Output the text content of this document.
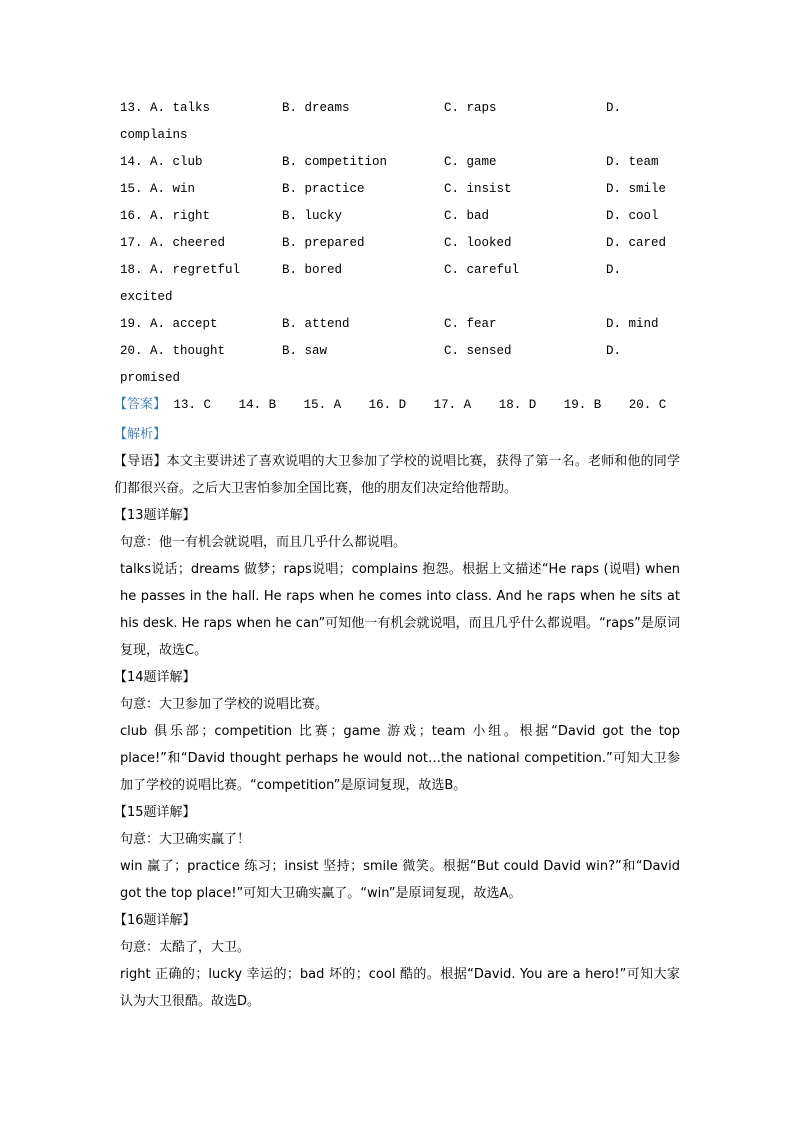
13. A. talks	B. dreams	C. raps	D.
complains
14. A. club	B. competition	C. game	D. team
15. A. win	B. practice	C. insist	D. smile
16. A. right	B. lucky	C. bad	D. cool
17. A. cheered	B. prepared	C. looked	D. cared
18. A. regretful	B. bored	C. careful	D.
excited
19. A. accept	B. attend	C. fear	D. mind
20. A. thought	B. saw	C. sensed	D.
promised
【答案】 13. C 14. B 15. A 16. D 17. A 18. D 19. B 20. C
【解析】
【导语】本文主要讲述了喜欢说唱的大卫参加了学校的说唱比赛，获得了第一名。老师和他的同学们都很兴奋。之后大卫害怕参加全国比赛，他的朋友们决定给他帮助。
【13题详解】
句意：他一有机会就说唱，而且几乎什么都说唱。
talks说话；dreams 做梦；raps说唱；complains 抱怨。根据上文描述“He raps (说唱) when he passes in the hall. He raps when he comes into class. And he raps when he sits at his desk. He raps when he can”可知他一有机会就说唱，而且几乎什么都说唱。“raps”是原词复现，故选C。
【14题详解】
句意：大卫参加了学校的说唱比赛。
club 俱乐部；competition 比赛；game 游戏；team 小组。根据“David got the top place!”和“David thought perhaps he would not…the national competition.”可知大卫参加了学校的说唱比赛。“competition”是原词复现，故选B。
【15题详解】
句意：大卫确实赢了！
win 赢了；practice 练习；insist 坚持；smile 微笑。根据“But could David win?”和“David got the top place!”可知大卫确实赢了。“win”是原词复现，故选A。
【16题详解】
句意：太酷了，大卫。
right 正确的；lucky 幸运的；bad 坏的；cool 酷的。根据“David. You are a hero!”可知大家认为大卫很酷。故选D。
